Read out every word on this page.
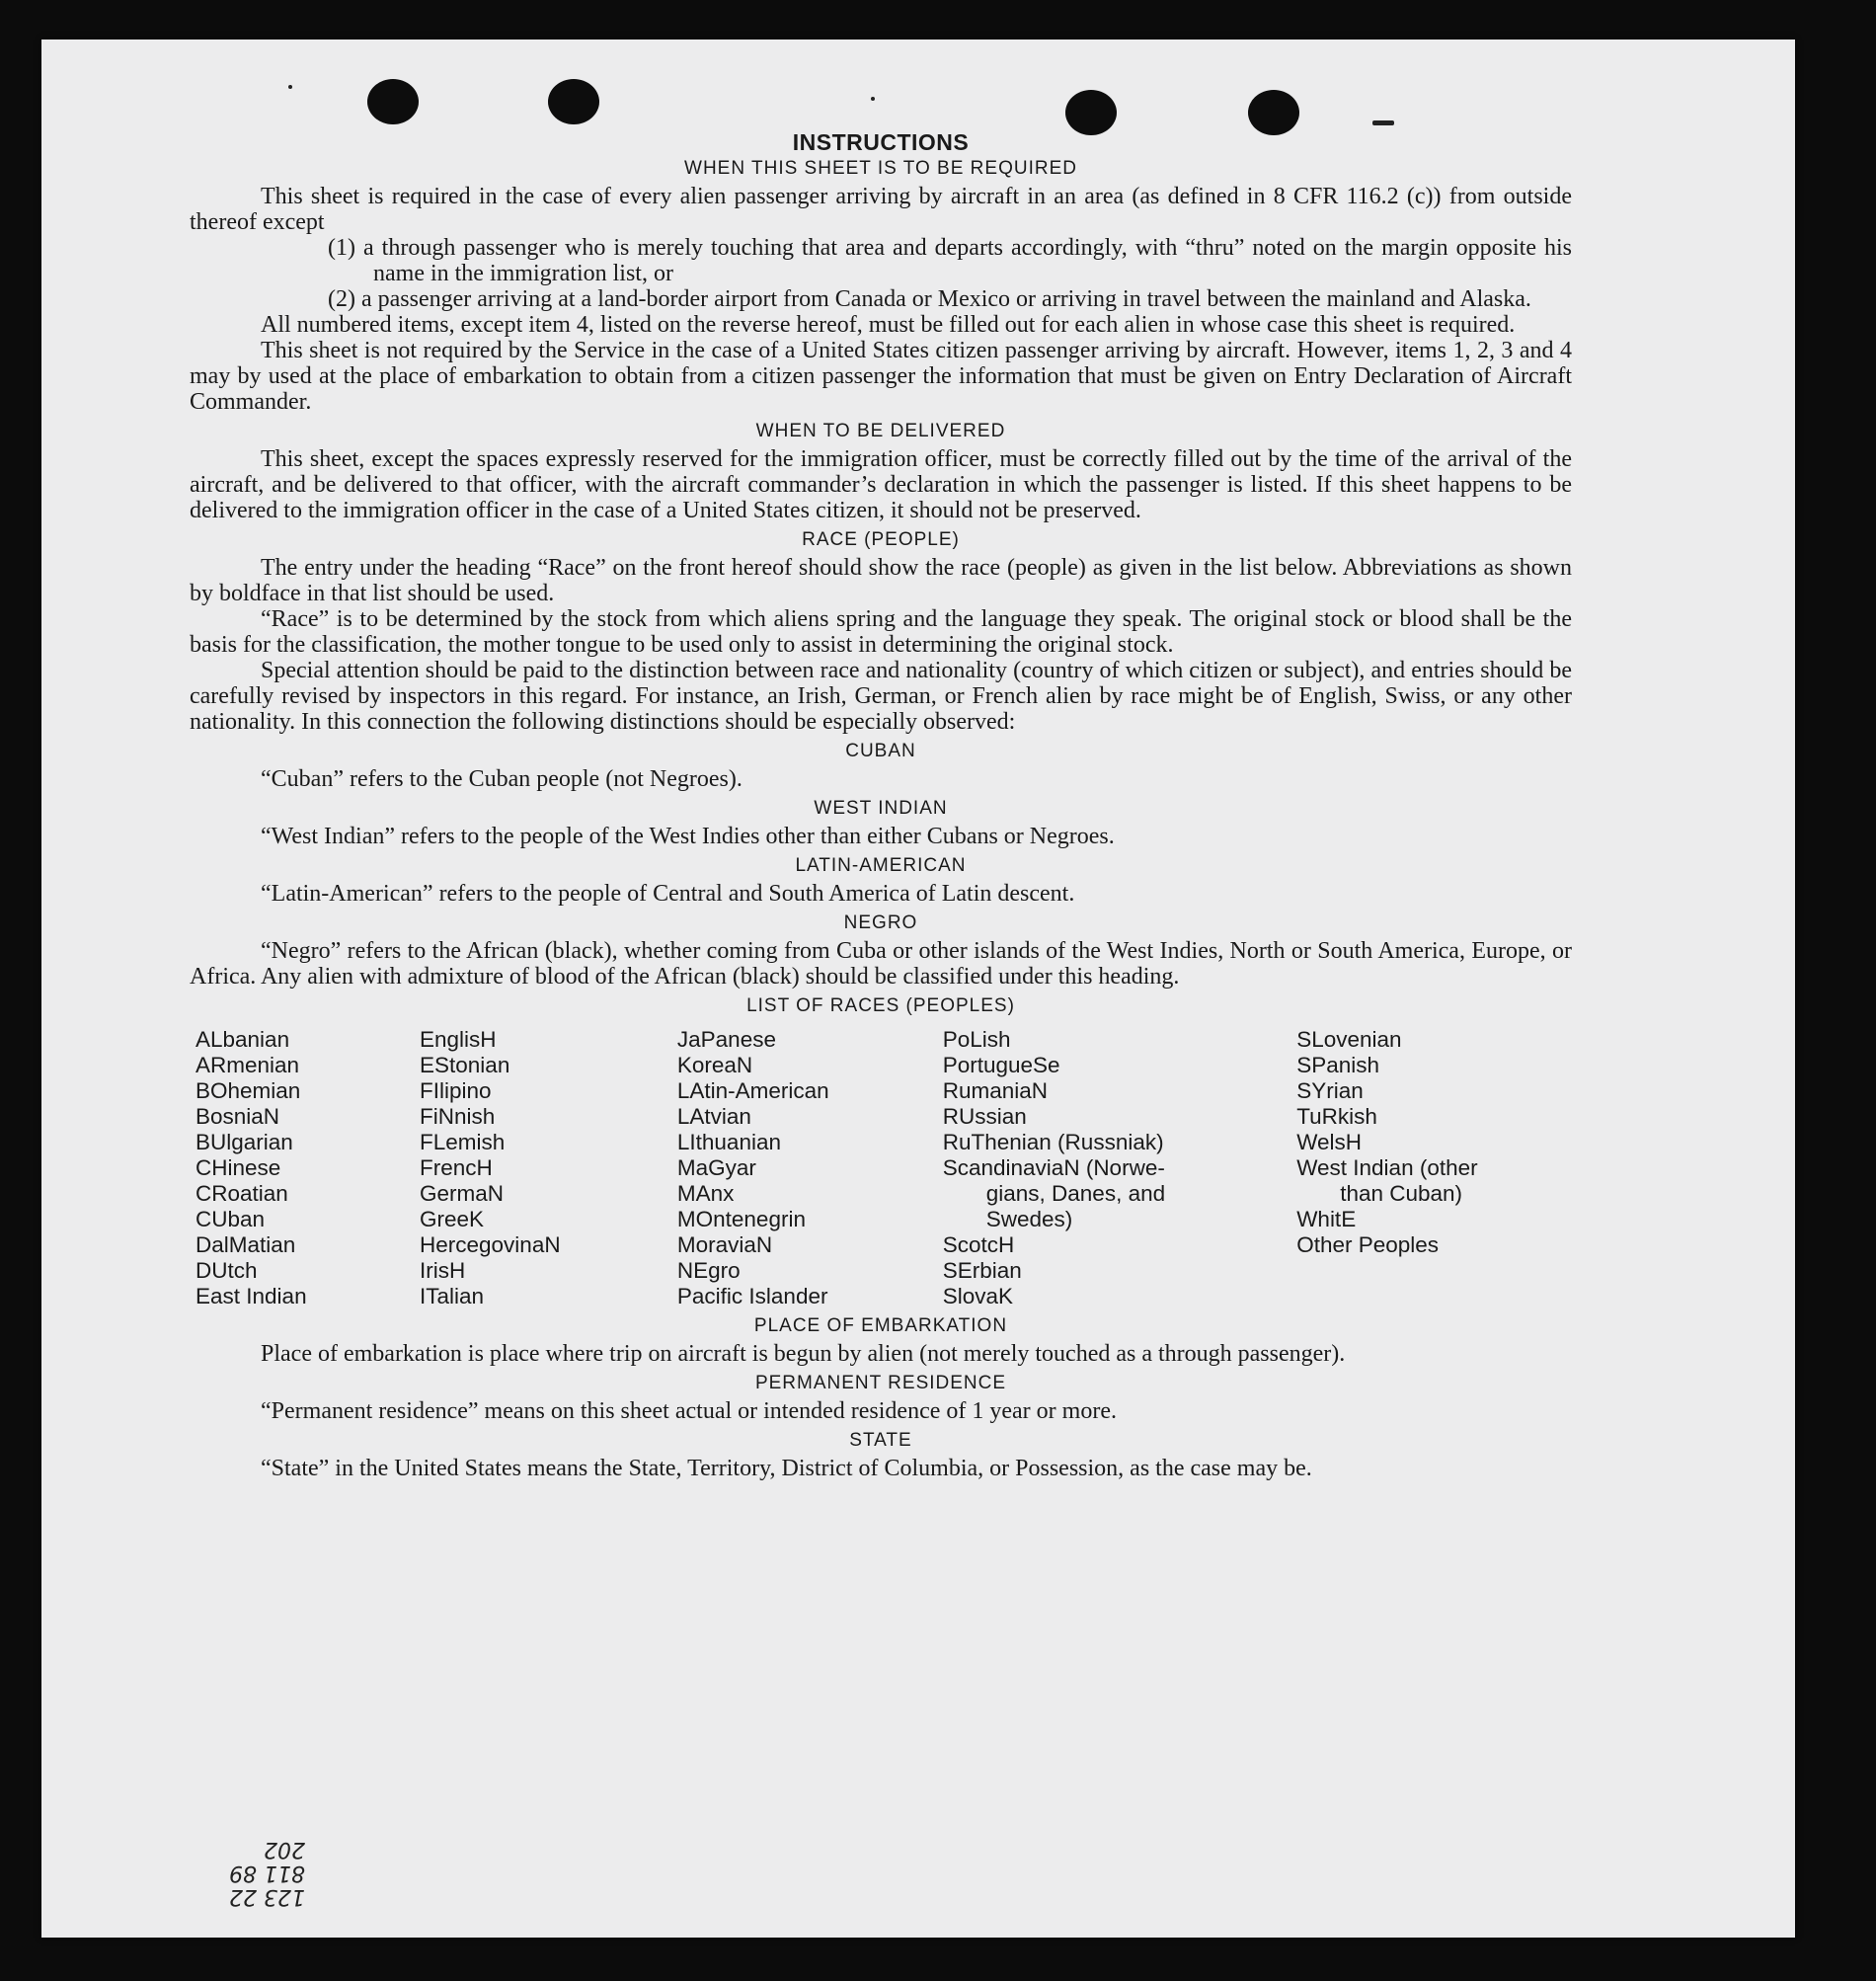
INSTRUCTIONS
WHEN THIS SHEET IS TO BE REQUIRED

This sheet is required in the case of every alien passenger arriving by aircraft in an area (as defined in 8 CFR 116.2 (c)) from outside thereof except

(1) a through passenger who is merely touching that area and departs accordingly, with “thru” noted on the margin opposite his name in the immigration list, or
(2) a passenger arriving at a land-border airport from Canada or Mexico or arriving in travel between the mainland and Alaska.

All numbered items, except item 4, listed on the reverse hereof, must be filled out for each alien in whose case this sheet is required.

This sheet is not required by the Service in the case of a United States citizen passenger arriving by aircraft. However, items 1, 2, 3 and 4 may by used at the place of embarkation to obtain from a citizen passenger the information that must be given on Entry Declaration of Aircraft Commander.

WHEN TO BE DELIVERED

This sheet, except the spaces expressly reserved for the immigration officer, must be correctly filled out by the time of the arrival of the aircraft, and be delivered to that officer, with the aircraft commander’s declaration in which the passenger is listed. If this sheet happens to be delivered to the immigration officer in the case of a United States citizen, it should not be preserved.

RACE (PEOPLE)

The entry under the heading “Race” on the front hereof should show the race (people) as given in the list below. Abbreviations as shown by boldface in that list should be used.

“Race” is to be determined by the stock from which aliens spring and the language they speak. The original stock or blood shall be the basis for the classification, the mother tongue to be used only to assist in determining the original stock.

Special attention should be paid to the distinction between race and nationality (country of which citizen or subject), and entries should be carefully revised by inspectors in this regard. For instance, an Irish, German, or French alien by race might be of English, Swiss, or any other nationality. In this connection the following distinctions should be especially observed:

CUBAN

“Cuban” refers to the Cuban people (not Negroes).

WEST INDIAN

“West Indian” refers to the people of the West Indies other than either Cubans or Negroes.

LATIN-AMERICAN

“Latin-American” refers to the people of Central and South America of Latin descent.

NEGRO

“Negro” refers to the African (black), whether coming from Cuba or other islands of the West Indies, North or South America, Europe, or Africa. Any alien with admixture of blood of the African (black) should be classified under this heading.

LIST OF RACES (PEOPLES)
ALbanian
ARmenian
BOhemian
BosniaN
BUlgarian
CHinese
CRoatian
CUban
DalMatian
DUtch
East Indian
EnglisH
EStonian
FIlipino
FiNnish
FLemish
FrencH
GermaN
GreeK
HercegovinaN
IrisH
ITalian
JaPanese
KoreaN
LAtin-American
LAtvian
LIthuanian
MaGyar
MAnx
MOntenegrin
MoraviaN
NEgro
Pacific Islander
PoLish
PortugueSe
RumaniaN
RUssian
RuThenian (Russniak)
ScandinaviaN (Norwe-
gians, Danes, and
Swedes)
ScotcH
SErbian
SlovaK
SLovenian
SPanish
SYrian
TuRkish
WelsH
West Indian (other
than Cuban)
WhitE
Other Peoples
PLACE OF EMBARKATION

Place of embarkation is place where trip on aircraft is begun by alien (not merely touched as a through passenger).

PERMANENT RESIDENCE

“Permanent residence” means on this sheet actual or intended residence of 1 year or more.

STATE

“State” in the United States means the State, Territory, District of Columbia, or Possession, as the case may be.

123 22
811 89
202
